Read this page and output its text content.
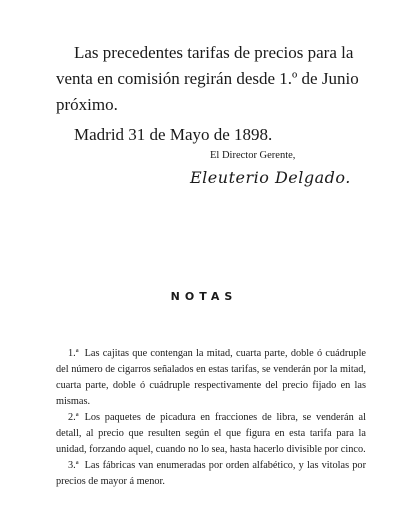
Las precedentes tarifas de precios para la venta en comisión regirán desde 1.º de Junio próximo.

Madrid 31 de Mayo de 1898.

El Director Gerente,
Eleuterio Delgado.
NOTAS

1.ª Las cajitas que contengan la mitad, cuarta parte, doble ó cuádruple del número de cigarros señalados en estas tarifas, se venderán por la mitad, cuarta parte, doble ó cuádruple respectivamente del precio fijado en las mismas.

2.ª Los paquetes de picadura en fracciones de libra, se venderán al detall, al precio que resulten según el que figura en esta tarifa para la unidad, forzando aquel, cuando no lo sea, hasta hacerlo divisible por cinco.

3.ª Las fábricas van enumeradas por orden alfabético, y las vitolas por precios de mayor á menor.
